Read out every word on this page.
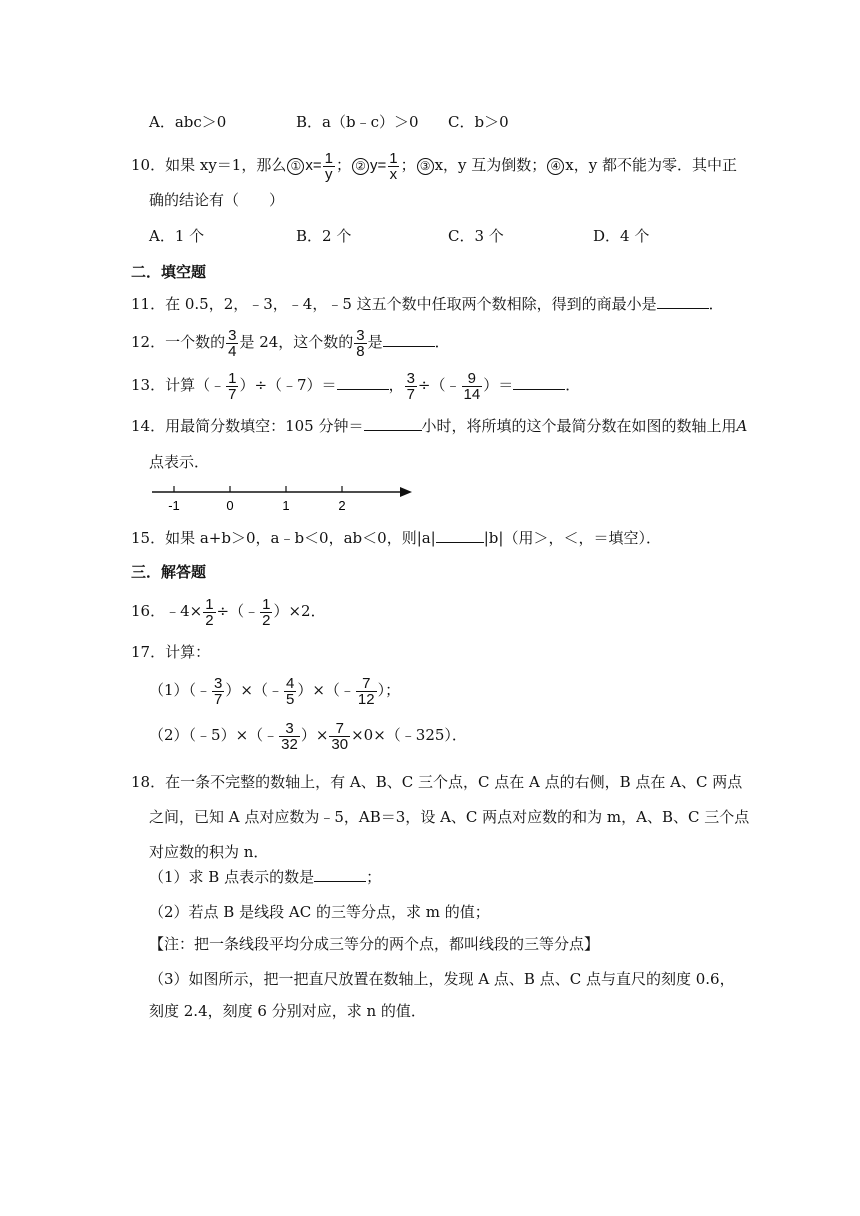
A．abc＞0	B．a（b﹣c）＞0 C．b＞0
10．如果 xy＝1，那么 ① $x= \frac{1}{y}$ ； ② $y= \frac{1}{x}$ ； ③ x，y 互为倒数； ④ x，y 都不能为零．其中正
确的结论有（　　）
A．1 个	B．2 个	C．3 个	D．4 个
二．填空题
11．在 0.5，2，﹣3，﹣4，﹣5 这五个数中任取两个数相除，得到的商最小是	．
12．一个数的 $\frac{3}{4}$ 是 24，这个数的 $\frac{3}{8}$ 是	．
13．计算（﹣ $\frac{1}{7}$ ）÷（﹣7）＝	， $\frac{3}{7}$ ÷（﹣ $\frac{9}{14}$ ）＝	．
14．用最简分数填空：105 分钟＝	小时，将所填的这个最简分数在如图的数轴上用A
点表示．
-1	0	1	2
15．如果 a+b＞0，a﹣b＜0，ab＜0，则|a|	|b|（用＞，＜，＝填空）．
三．解答题
16．﹣4× $\frac{1}{2}$ ÷（﹣ $\frac{1}{2} )\times 2$．
17．计算：
（1）（﹣ $\frac{3}{7}$ ）×（﹣ $\frac{4}{5}$ ）×（﹣ $\frac{7}{12}$ ）；
（2）（﹣5）×（﹣ $\frac{3}{32}$ ）× $\frac{7}{30}$ ×0×（﹣325）．
18．在一条不完整的数轴上，有 A、B、C 三个点，C 点在 A 点的右侧，B 点在 A、C 两点
之间，已知 A 点对应数为﹣5，AB＝3，设 A、C 两点对应数的和为 m，A、B、C 三个点
对应数的积为 n．
（1）求 B 点表示的数是	；
（2）若点 B 是线段 AC 的三等分点，求 m 的值；
【注：把一条线段平均分成三等分的两个点，都叫线段的三等分点】
（3）如图所示，把一把直尺放置在数轴上，发现 A 点、B 点、C 点与直尺的刻度 0.6，
刻度 2.4，刻度 6 分别对应，求 n 的值．
